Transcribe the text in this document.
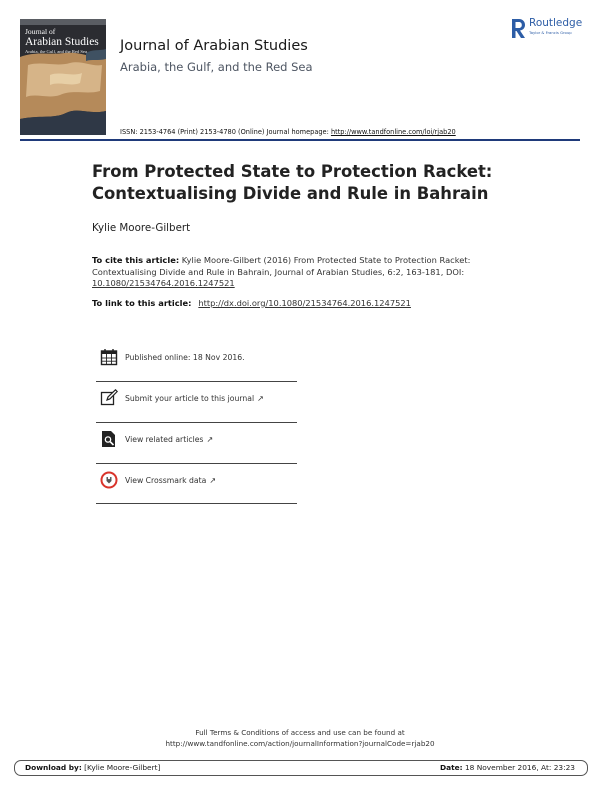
Journal of
Arabian Studies
Arabia, the Gulf, and the Red Sea	Journal of Arabian Studies
Arabia, the Gulf, and the Red Sea
Routledge
Taylor & Francis Group
ISSN: 2153-4764 (Print) 2153-4780 (Online) Journal homepage: http://www.tandfonline.com/loi/rjab20
From Protected State to Protection Racket: Contextualising Divide and Rule in Bahrain
Kylie Moore-Gilbert
To cite this article: Kylie Moore-Gilbert (2016) From Protected State to Protection Racket: Contextualising Divide and Rule in Bahrain, Journal of Arabian Studies, 6:2, 163-181, DOI: 10.1080/21534764.2016.1247521
To link to this article: http://dx.doi.org/10.1080/21534764.2016.1247521
Published online: 18 Nov 2016.
Submit your article to this journal ↗
View related articles ↗
View Crossmark data ↗
Full Terms & Conditions of access and use can be found at
http://www.tandfonline.com/action/journalInformation?journalCode=rjab20
Download by: [Kylie Moore-Gilbert]	Date: 18 November 2016, At: 23:23
